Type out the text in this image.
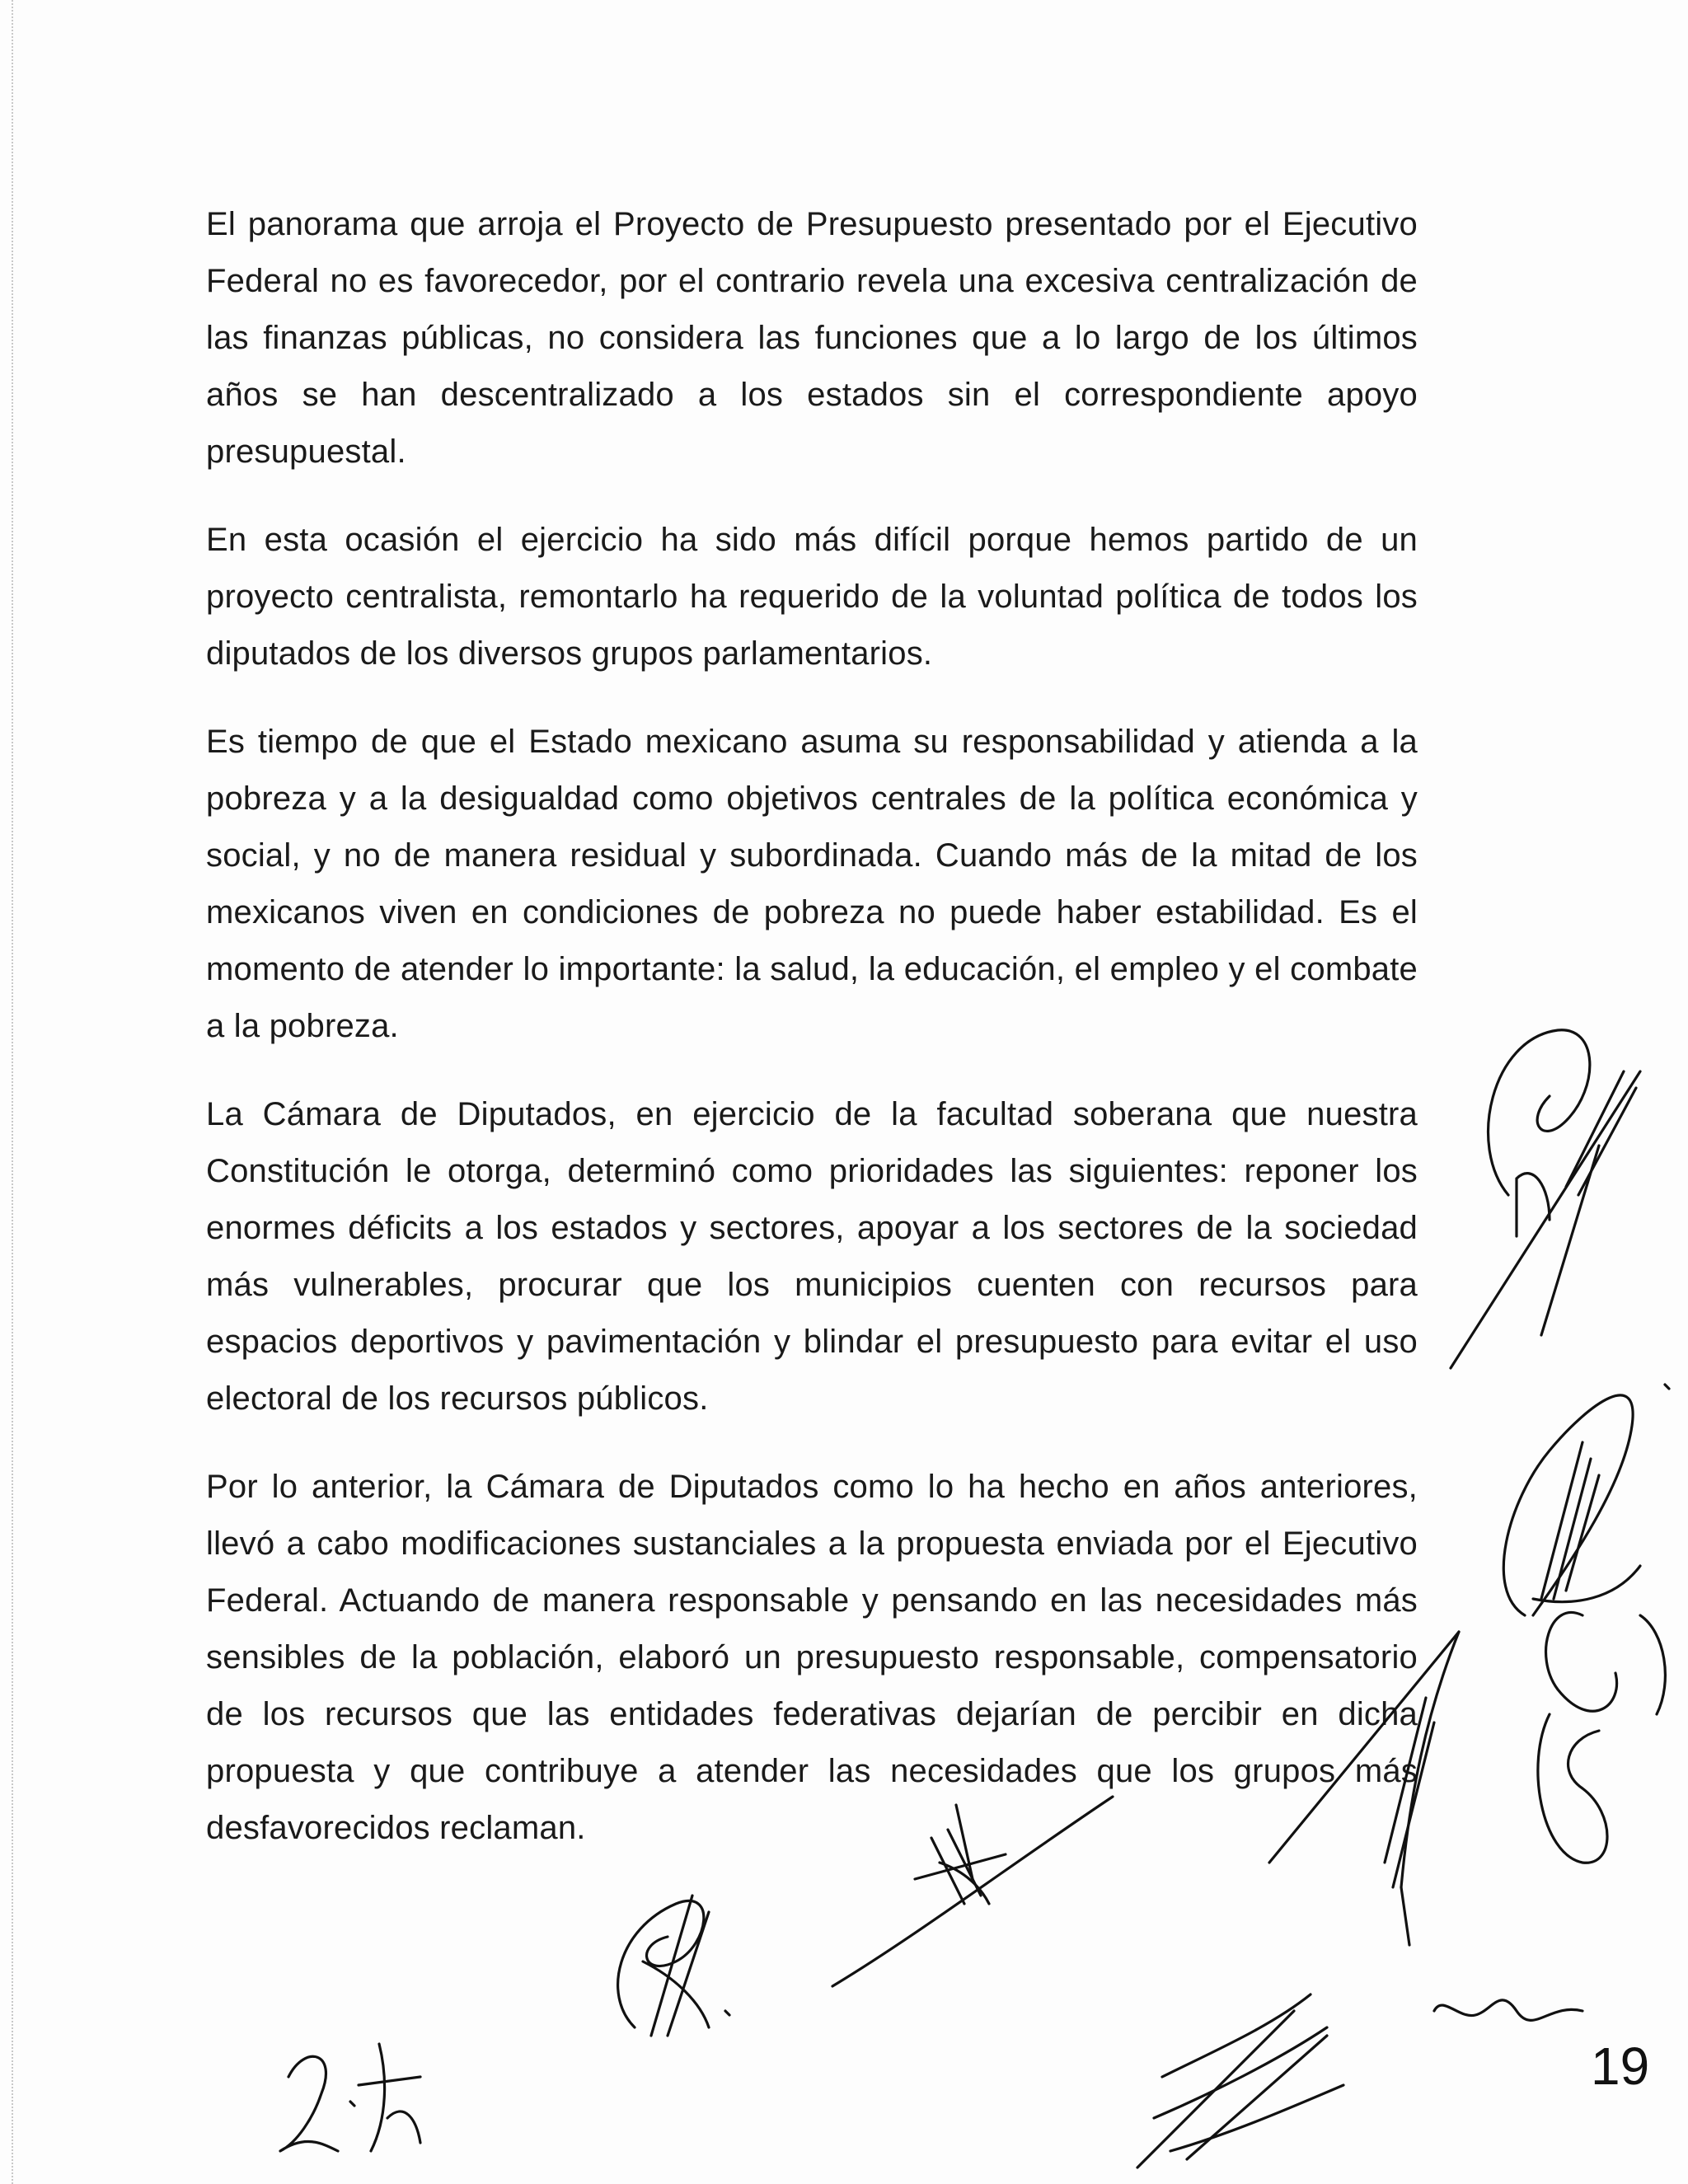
El panorama que arroja el Proyecto de Presupuesto presentado por el Ejecutivo Federal no es favorecedor, por el contrario revela una excesiva centralización de las finanzas públicas, no considera las funciones que a lo largo de los últimos años se han descentralizado a los estados sin el correspondiente apoyo presupuestal.

En esta ocasión el ejercicio ha sido más difícil porque hemos partido de un proyecto centralista, remontarlo ha requerido de la voluntad política de todos los diputados de los diversos grupos parlamentarios.

Es tiempo de que el Estado mexicano asuma su responsabilidad y atienda a la pobreza y a la desigualdad como objetivos centrales de la política económica y social, y no de manera residual y subordinada. Cuando más de la mitad de los mexicanos viven en condiciones de pobreza no puede haber estabilidad. Es el momento de atender lo importante: la salud, la educación, el empleo y el combate a la pobreza.

La Cámara de Diputados, en ejercicio de la facultad soberana que nuestra Constitución le otorga, determinó como prioridades las siguientes: reponer los enormes déficits a los estados y sectores, apoyar a los sectores de la sociedad más vulnerables, procurar que los municipios cuenten con recursos para espacios deportivos y pavimentación y blindar el presupuesto para evitar el uso electoral de los recursos públicos.

Por lo anterior, la Cámara de Diputados como lo ha hecho en años anteriores, llevó a cabo modificaciones sustanciales a la propuesta enviada por el Ejecutivo Federal. Actuando de manera responsable y pensando en las necesidades más sensibles de la población, elaboró un presupuesto responsable, compensatorio de los recursos que las entidades federativas dejarían de percibir en dicha propuesta y que contribuye a atender las necesidades que los grupos más desfavorecidos reclaman.

19
